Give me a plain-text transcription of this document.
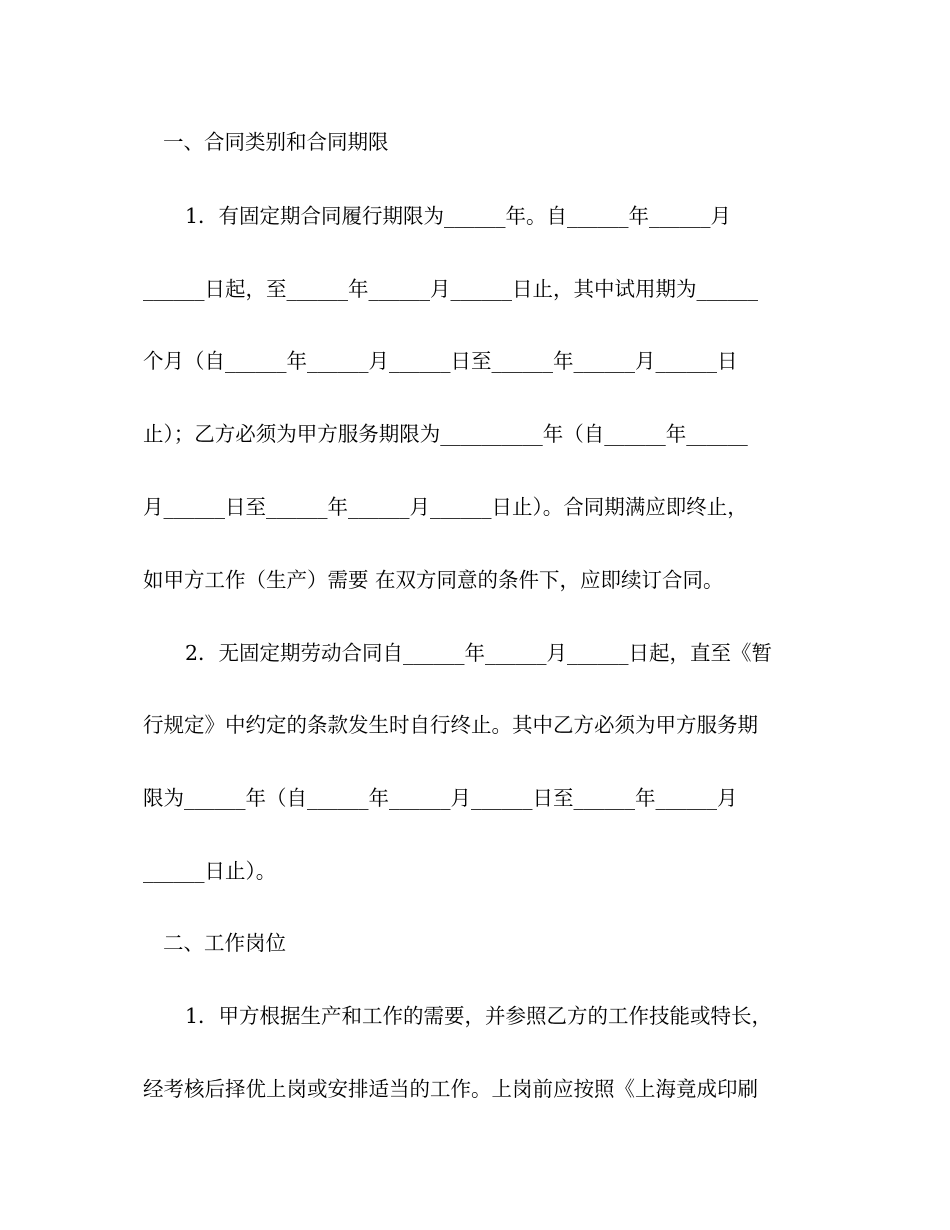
一、合同类别和合同期限
1．有固定期合同履行期限为______年。自______年______月
______日起，至______年______月______日止，其中试用期为______
个月（自______年______月______日至______年______月______日
止）；乙方必须为甲方服务期限为__________年（自______年______
月______日至______年______月______日止）。合同期满应即终止，
如甲方工作（生产）需要 在双方同意的条件下，应即续订合同。
2．无固定期劳动合同自______年______月______日起，直至《暂
行规定》中约定的条款发生时自行终止。其中乙方必须为甲方服务期
限为______年（自______年______月______日至______年______月
______日止）。
二、工作岗位
1．甲方根据生产和工作的需要，并参照乙方的工作技能或特长，
经考核后择优上岗或安排适当的工作。上岗前应按照《上海竟成印刷
